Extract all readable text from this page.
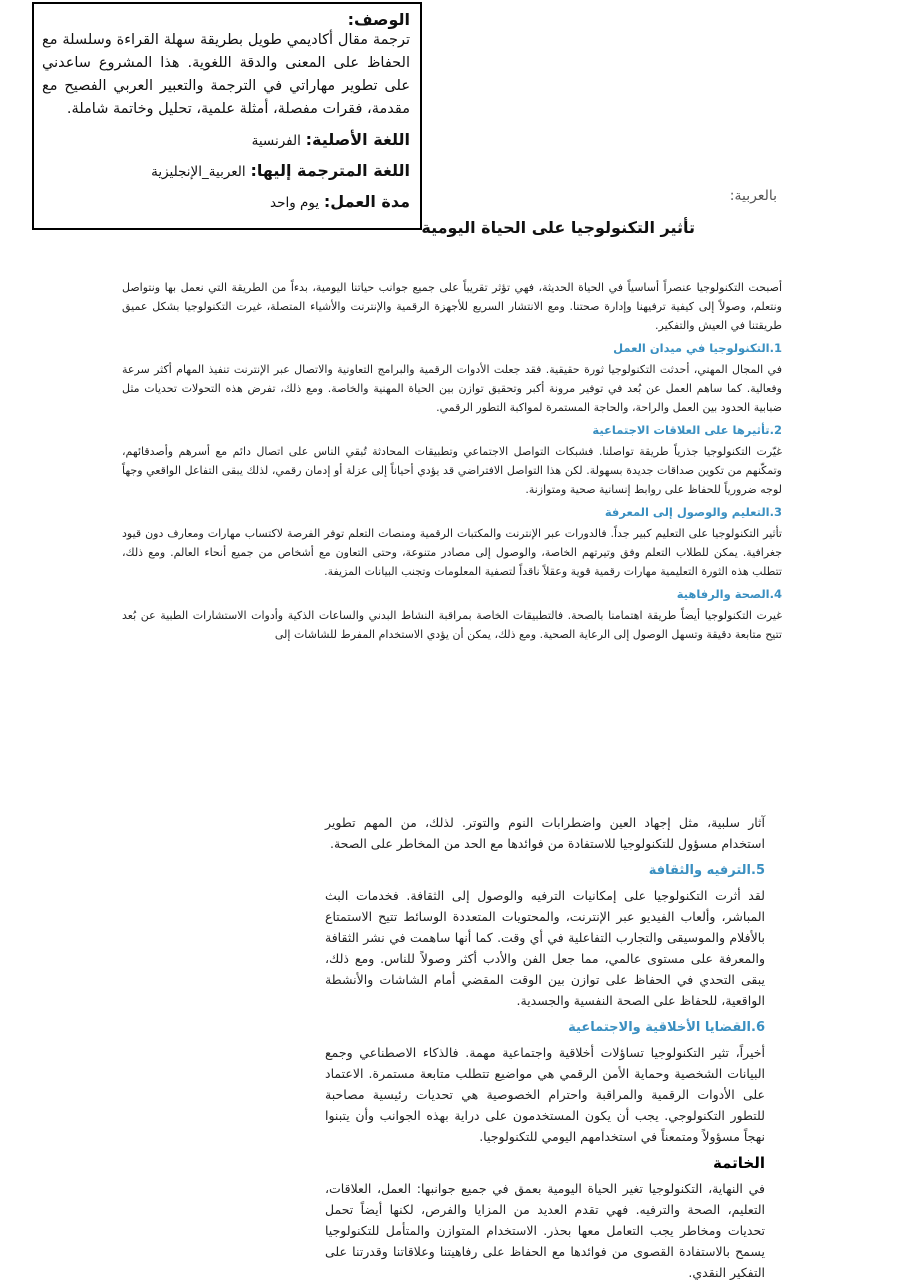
الوصف:
ترجمة مقال أكاديمي طويل بطريقة سهلة القراءة وسلسلة مع الحفاظ على المعنى والدقة اللغوية. هذا المشروع ساعدني على تطوير مهاراتي في الترجمة والتعبير العربي الفصيح مع مقدمة، فقرات مفصلة، أمثلة علمية، تحليل وخاتمة شاملة.
اللغة الأصلية: الفرنسية
اللغة المترجمة إليها: العربية_الإنجليزية
مدة العمل: يوم واحد	بالعربية:
تأثير التكنولوجيا على الحياة اليومية

أصبحت التكنولوجيا عنصراً أساسياً في الحياة الحديثة، فهي تؤثر تقريباً على جميع جوانب حياتنا اليومية، بدءاً من الطريقة التي نعمل بها ونتواصل ونتعلم، وصولاً إلى كيفية ترفيهنا وإدارة صحتنا. ومع الانتشار السريع للأجهزة الرقمية والإنترنت والأشياء المتصلة، غيرت التكنولوجيا بشكل عميق طريقتنا في العيش والتفكير.

1.التكنولوجيا في ميدان العمل

في المجال المهني، أحدثت التكنولوجيا ثورة حقيقية. فقد جعلت الأدوات الرقمية والبرامج التعاونية والاتصال عبر الإنترنت تنفيذ المهام أكثر سرعة وفعالية. كما ساهم العمل عن بُعد في توفير مرونة أكبر وتحقيق توازن بين الحياة المهنية والخاصة. ومع ذلك، تفرض هذه التحولات تحديات مثل ضبابية الحدود بين العمل والراحة، والحاجة المستمرة لمواكبة التطور الرقمي.

2.تأثيرها على العلاقات الاجتماعية

غيّرت التكنولوجيا جذرياً طريقة تواصلنا. فشبكات التواصل الاجتماعي وتطبيقات المحادثة تُبقي الناس على اتصال دائم مع أسرهم وأصدقائهم، وتمكّنهم من تكوين صداقات جديدة بسهولة. لكن هذا التواصل الافتراضي قد يؤدي أحياناً إلى عزلة أو إدمان رقمي، لذلك يبقى التفاعل الواقعي وجهاً لوجه ضرورياً للحفاظ على روابط إنسانية صحية ومتوازنة.

3.التعليم والوصول إلى المعرفة

تأثير التكنولوجيا على التعليم كبير جداً. فالدورات عبر الإنترنت والمكتبات الرقمية ومنصات التعلم توفر الفرصة لاكتساب مهارات ومعارف دون قيود جغرافية. يمكن للطلاب التعلم وفق وتيرتهم الخاصة، والوصول إلى مصادر متنوعة، وحتى التعاون مع أشخاص من جميع أنحاء العالم. ومع ذلك، تتطلب هذه الثورة التعليمية مهارات رقمية قوية وعقلاً ناقداً لتصفية المعلومات وتجنب البيانات المزيفة.

4.الصحة والرفاهية

غيرت التكنولوجيا أيضاً طريقة اهتمامنا بالصحة. فالتطبيقات الخاصة بمراقبة النشاط البدني والساعات الذكية وأدوات الاستشارات الطبية عن بُعد تتيح متابعة دقيقة وتسهل الوصول إلى الرعاية الصحية. ومع ذلك، يمكن أن يؤدي الاستخدام المفرط للشاشات إلى

آثار سلبية، مثل إجهاد العين واضطرابات النوم والتوتر. لذلك، من المهم تطوير استخدام مسؤول للتكنولوجيا للاستفادة من فوائدها مع الحد من المخاطر على الصحة.

5.الترفيه والثقافة

لقد أثرت التكنولوجيا على إمكانيات الترفيه والوصول إلى الثقافة. فخدمات البث المباشر، وألعاب الفيديو عبر الإنترنت، والمحتويات المتعددة الوسائط تتيح الاستمتاع بالأفلام والموسيقى والتجارب التفاعلية في أي وقت. كما أنها ساهمت في نشر الثقافة والمعرفة على مستوى عالمي، مما جعل الفن والأدب أكثر وصولاً للناس. ومع ذلك، يبقى التحدي في الحفاظ على توازن بين الوقت المقضي أمام الشاشات والأنشطة الواقعية، للحفاظ على الصحة النفسية والجسدية.

6.القضايا الأخلاقية والاجتماعية

أخيراً، تثير التكنولوجيا تساؤلات أخلاقية واجتماعية مهمة. فالذكاء الاصطناعي وجمع البيانات الشخصية وحماية الأمن الرقمي هي مواضيع تتطلب متابعة مستمرة. الاعتماد على الأدوات الرقمية والمراقبة واحترام الخصوصية هي تحديات رئيسية مصاحبة للتطور التكنولوجي. يجب أن يكون المستخدمون على دراية بهذه الجوانب وأن يتبنوا نهجاً مسؤولاً ومتمعناً في استخدامهم اليومي للتكنولوجيا.

الخاتمة

في النهاية، التكنولوجيا تغير الحياة اليومية بعمق في جميع جوانبها: العمل، العلاقات، التعليم، الصحة والترفيه. فهي تقدم العديد من المزايا والفرص، لكنها أيضاً تحمل تحديات ومخاطر يجب التعامل معها بحذر. الاستخدام المتوازن والمتأمل للتكنولوجيا يسمح بالاستفادة القصوى من فوائدها مع الحفاظ على رفاهيتنا وعلاقاتنا وقدرتنا على التفكير النقدي.
